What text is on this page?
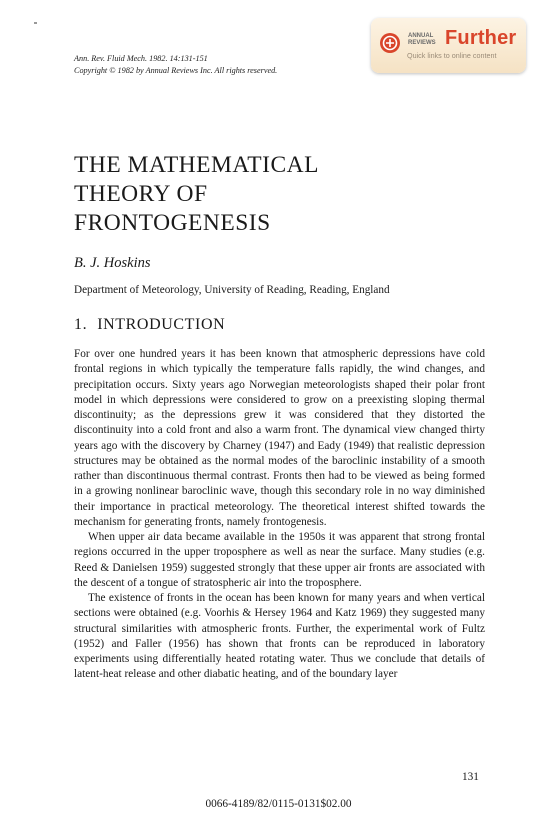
Ann. Rev. Fluid Mech. 1982. 14:131-151
Copyright © 1982 by Annual Reviews Inc. All rights reserved.
ANNUAL
REVIEWS Further
Quick links to online content
THE MATHEMATICAL
THEORY OF
FRONTOGENESIS
B. J. Hoskins
Department of Meteorology, University of Reading, Reading, England
1. INTRODUCTION

For over one hundred years it has been known that atmospheric depressions have cold frontal regions in which typically the temperature falls rapidly, the wind changes, and precipitation occurs. Sixty years ago Norwegian meteorologists shaped their polar front model in which depressions were considered to grow on a preexisting sloping thermal discontinuity; as the depressions grew it was considered that they distorted the discontinuity into a cold front and also a warm front. The dynamical view changed thirty years ago with the discovery by Charney (1947) and Eady (1949) that realistic depression structures may be obtained as the normal modes of the baroclinic instability of a smooth rather than discontinuous thermal contrast. Fronts then had to be viewed as being formed in a growing nonlinear baroclinic wave, though this secondary role in no way diminished their importance in practical meteorology. The theoretical interest shifted towards the mechanism for generating fronts, namely frontogenesis.

When upper air data became available in the 1950s it was apparent that strong frontal regions occurred in the upper troposphere as well as near the surface. Many studies (e.g. Reed & Danielsen 1959) suggested strongly that these upper air fronts are associated with the descent of a tongue of stratospheric air into the troposphere.

The existence of fronts in the ocean has been known for many years and when vertical sections were obtained (e.g. Voorhis & Hersey 1964 and Katz 1969) they suggested many structural similarities with atmospheric fronts. Further, the experimental work of Fultz (1952) and Faller (1956) has shown that fronts can be reproduced in laboratory experiments using differentially heated rotating water. Thus we conclude that details of latent-heat release and other diabatic heating, and of the boundary layer

131
0066-4189/82/0115-0131$02.00
